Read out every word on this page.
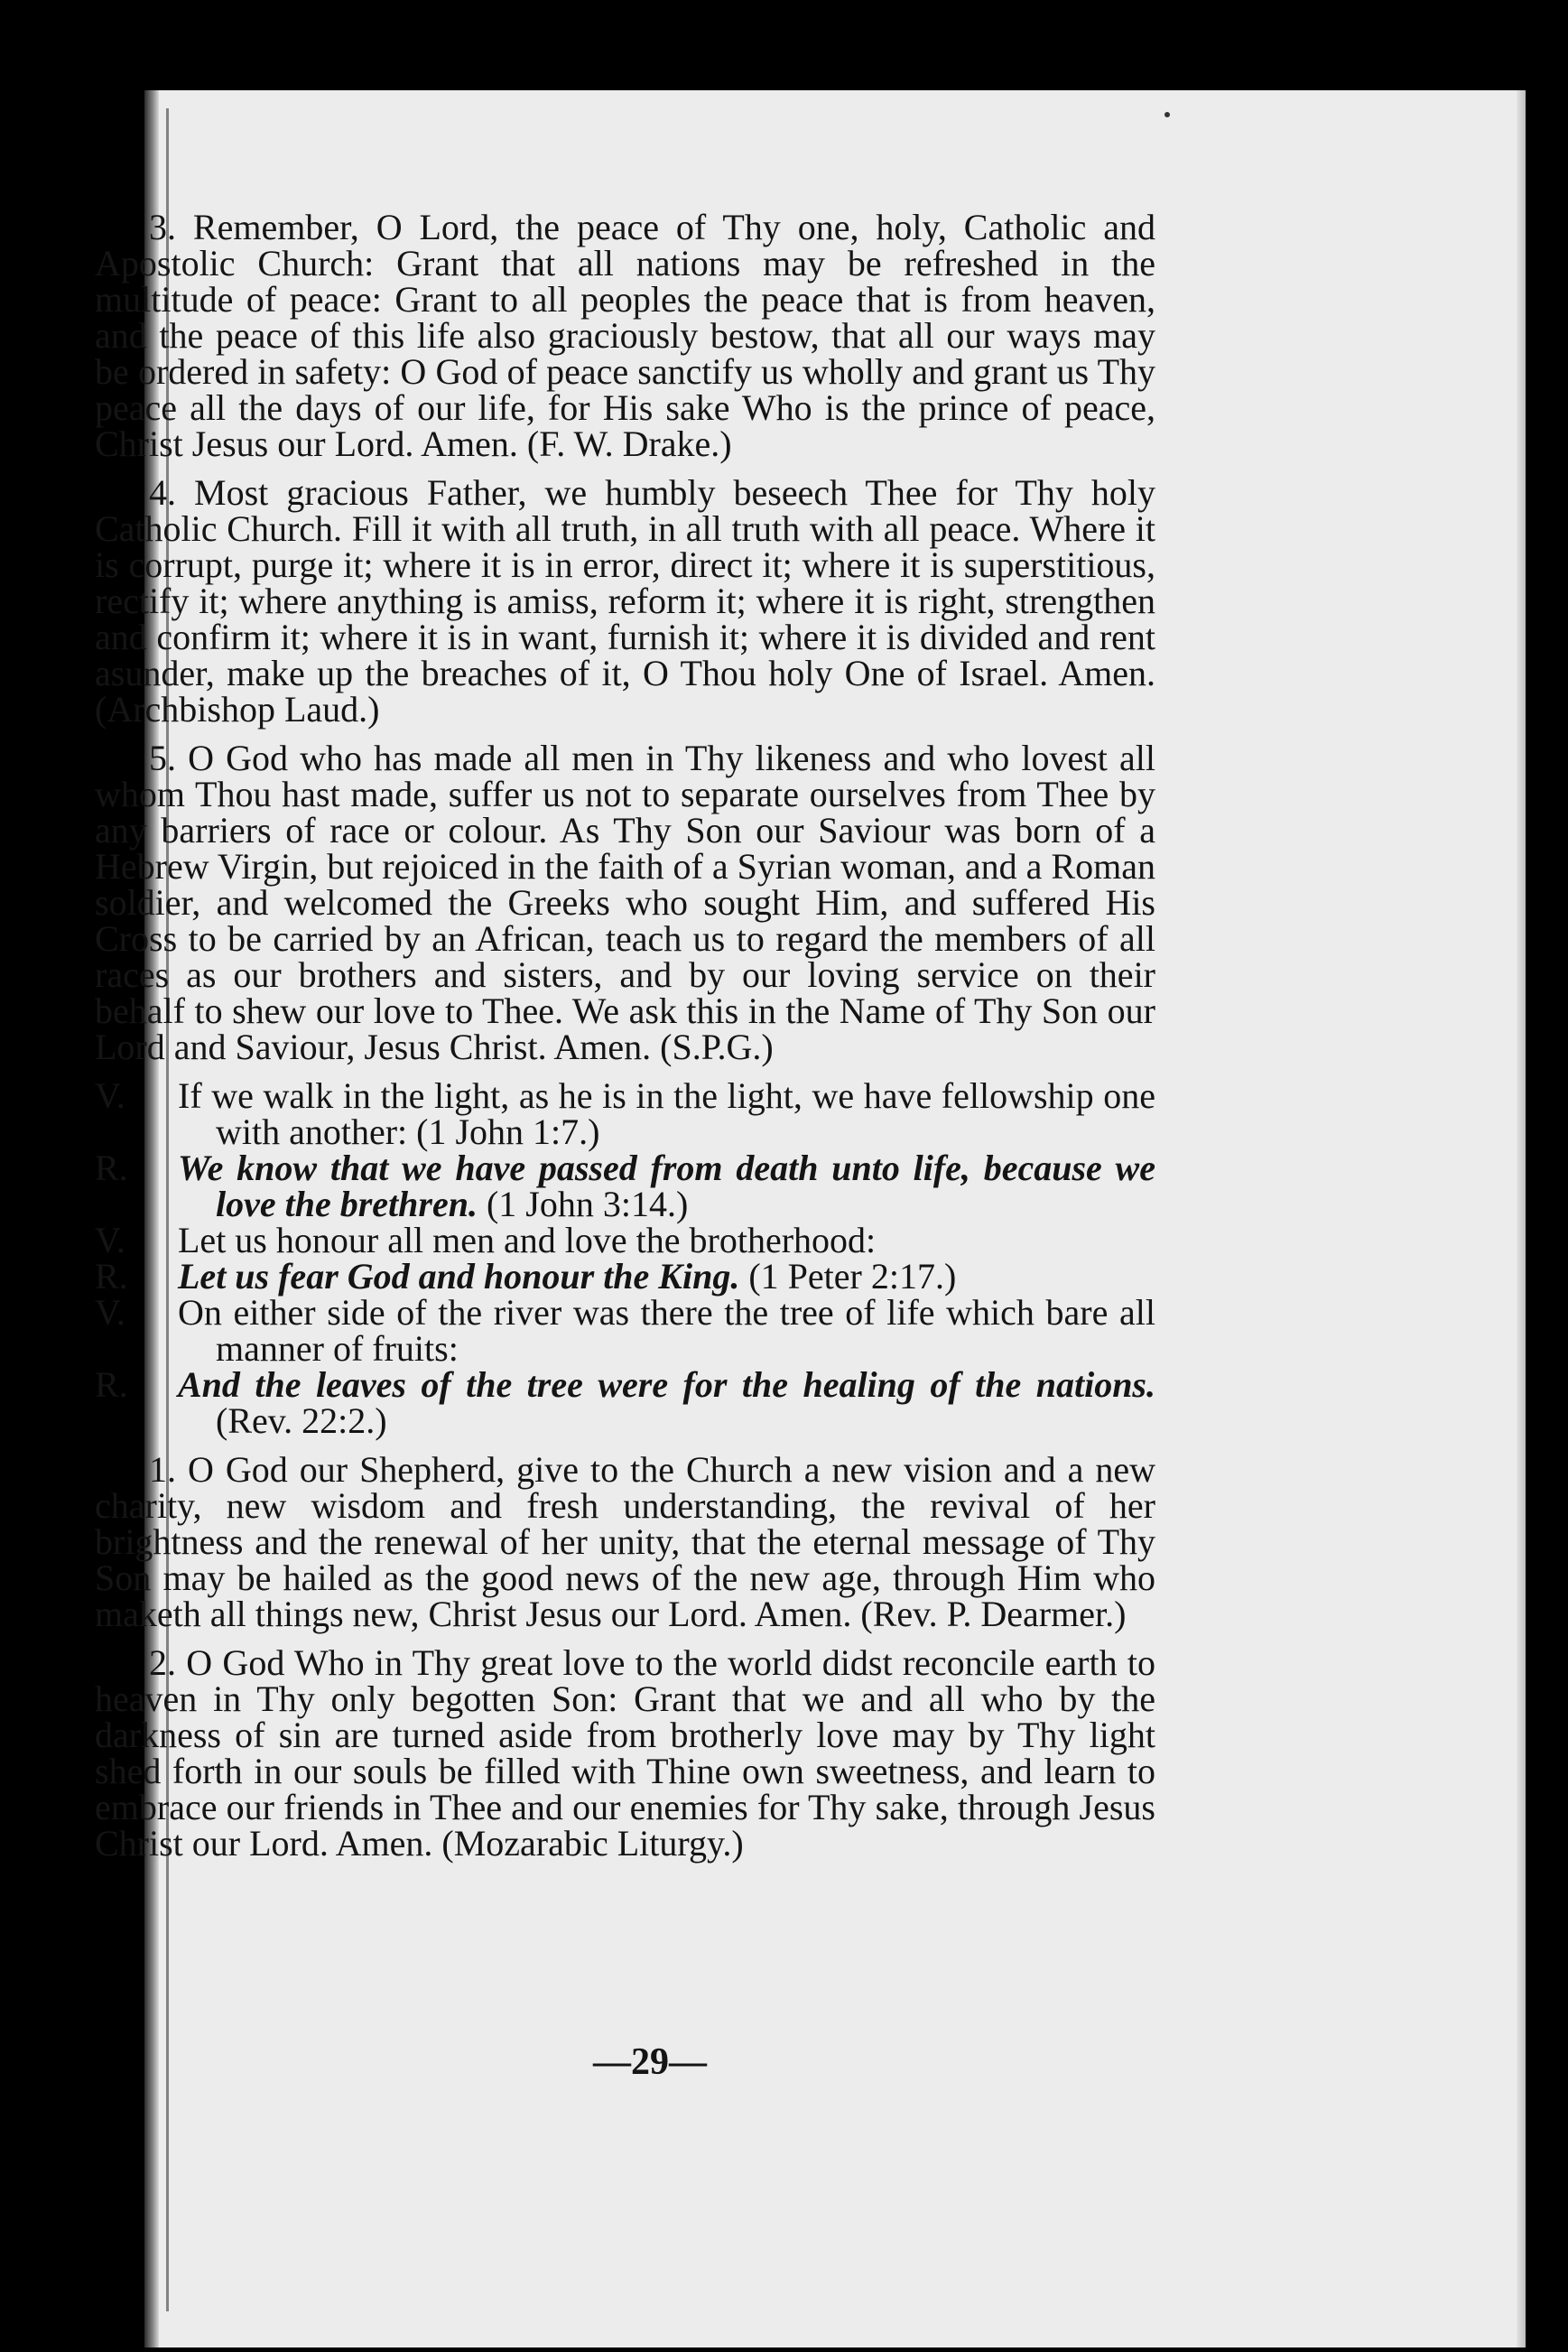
3. Remember, O Lord, the peace of Thy one, holy, Catholic and Apostolic Church: Grant that all nations may be refreshed in the multitude of peace: Grant to all peoples the peace that is from heaven, and the peace of this life also graciously bestow, that all our ways may be ordered in safety: O God of peace sanctify us wholly and grant us Thy peace all the days of our life, for His sake Who is the prince of peace, Christ Jesus our Lord. Amen. (F. W. Drake.)

4. Most gracious Father, we humbly beseech Thee for Thy holy Catholic Church. Fill it with all truth, in all truth with all peace. Where it is corrupt, purge it; where it is in error, direct it; where it is superstitious, rectify it; where anything is amiss, reform it; where it is right, strengthen and confirm it; where it is in want, furnish it; where it is divided and rent asunder, make up the breaches of it, O Thou holy One of Israel. Amen. (Archbishop Laud.)

5. O God who has made all men in Thy likeness and who lovest all whom Thou hast made, suffer us not to separate ourselves from Thee by any barriers of race or colour. As Thy Son our Saviour was born of a Hebrew Virgin, but rejoiced in the faith of a Syrian woman, and a Roman soldier, and welcomed the Greeks who sought Him, and suffered His Cross to be carried by an African, teach us to regard the members of all races as our brothers and sisters, and by our loving service on their behalf to shew our love to Thee. We ask this in the Name of Thy Son our Lord and Saviour, Jesus Christ. Amen. (S.P.G.)

V.	If we walk in the light, as he is in the light, we have fellowship one with another: (1 John 1:7.)
R.	We know that we have passed from death unto life, because we love the brethren. (1 John 3:14.)
V.	Let us honour all men and love the brotherhood:
R.	Let us fear God and honour the King. (1 Peter 2:17.)
V.	On either side of the river was there the tree of life which bare all manner of fruits:
R.	And the leaves of the tree were for the healing of the nations. (Rev. 22:2.)

1. O God our Shepherd, give to the Church a new vision and a new charity, new wisdom and fresh understanding, the revival of her brightness and the renewal of her unity, that the eternal message of Thy Son may be hailed as the good news of the new age, through Him who maketh all things new, Christ Jesus our Lord. Amen. (Rev. P. Dearmer.)

2. O God Who in Thy great love to the world didst reconcile earth to heaven in Thy only begotten Son: Grant that we and all who by the darkness of sin are turned aside from brotherly love may by Thy light shed forth in our souls be filled with Thine own sweetness, and learn to embrace our friends in Thee and our enemies for Thy sake, through Jesus Christ our Lord. Amen. (Mozarabic Liturgy.)

—29—
